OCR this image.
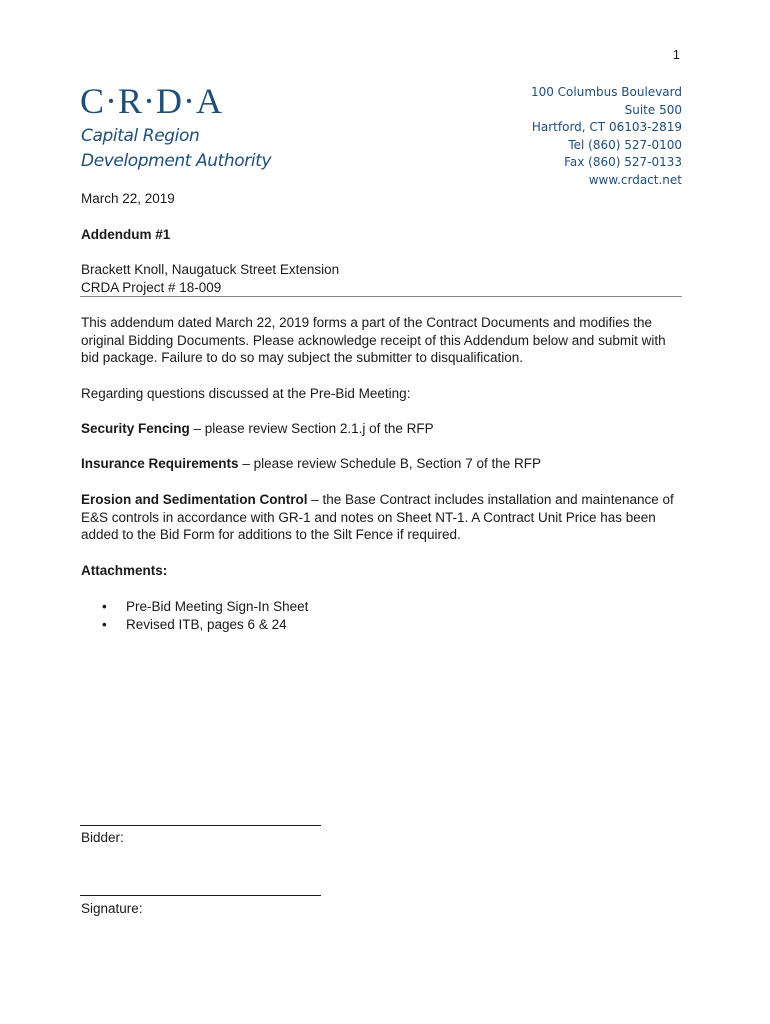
1
C·R·D·A
Capital Region
Development Authority
100 Columbus Boulevard
Suite 500
Hartford, CT 06103-2819
Tel (860) 527-0100
Fax (860) 527-0133
www.crdact.net
March 22, 2019
Addendum #1
Brackett Knoll, Naugatuck Street Extension
CRDA Project # 18-009
This addendum dated March 22, 2019 forms a part of the Contract Documents and modifies the original Bidding Documents. Please acknowledge receipt of this Addendum below and submit with bid package. Failure to do so may subject the submitter to disqualification.
Regarding questions discussed at the Pre-Bid Meeting:
Security Fencing – please review Section 2.1.j of the RFP
Insurance Requirements – please review Schedule B, Section 7 of the RFP
Erosion and Sedimentation Control – the Base Contract includes installation and maintenance of E&S controls in accordance with GR-1 and notes on Sheet NT-1. A Contract Unit Price has been added to the Bid Form for additions to the Silt Fence if required.
Attachments:
• Pre-Bid Meeting Sign-In Sheet
• Revised ITB, pages 6 & 24
Bidder:
Signature:
